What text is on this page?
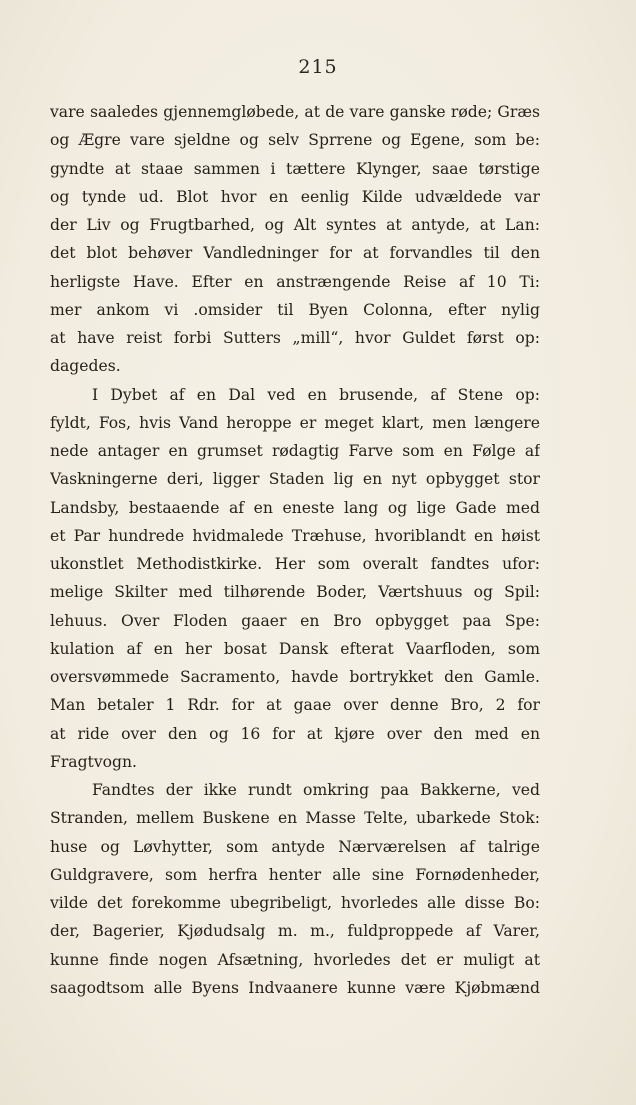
215
vare saaledes gjennemgløbede, at de vare ganske røde; Græs
og Ægre vare sjeldne og selv Sprrene og Egene, som be:
gyndte at staae sammen i tættere Klynger, saae tørstige
og tynde ud. Blot hvor en eenlig Kilde udvældede var
der Liv og Frugtbarhed, og Alt syntes at antyde, at Lan:
det blot behøver Vandledninger for at forvandles til den
herligste Have. Efter en anstrængende Reise af 10 Ti:
mer ankom vi .omsider til Byen Colonna, efter nylig
at have reist forbi Sutters „mill“, hvor Guldet først op:
dagedes.
I Dybet af en Dal ved en brusende, af Stene op:
fyldt, Fos, hvis Vand heroppe er meget klart, men længere
nede antager en grumset rødagtig Farve som en Følge af
Vaskningerne deri, ligger Staden lig en nyt opbygget stor
Landsby, bestaaende af en eneste lang og lige Gade med
et Par hundrede hvidmalede Træhuse, hvoriblandt en høist
ukonstlet Methodistkirke. Her som overalt fandtes ufor:
melige Skilter med tilhørende Boder, Værtshuus og Spil:
lehuus. Over Floden gaaer en Bro opbygget paa Spe:
kulation af en her bosat Dansk efterat Vaarfloden, som
oversvømmede Sacramento, havde bortrykket den Gamle.
Man betaler 1 Rdr. for at gaae over denne Bro, 2 for
at ride over den og 16 for at kjøre over den med en
Fragtvogn.
Fandtes der ikke rundt omkring paa Bakkerne, ved
Stranden, mellem Buskene en Masse Telte, ubarkede Stok:
huse og Løvhytter, som antyde Nærværelsen af talrige
Guldgravere, som herfra henter alle sine Fornødenheder,
vilde det forekomme ubegribeligt, hvorledes alle disse Bo:
der, Bagerier, Kjødudsalg m. m., fuldproppede af Varer,
kunne finde nogen Afsætning, hvorledes det er muligt at
saagodtsom alle Byens Indvaanere kunne være Kjøbmænd
